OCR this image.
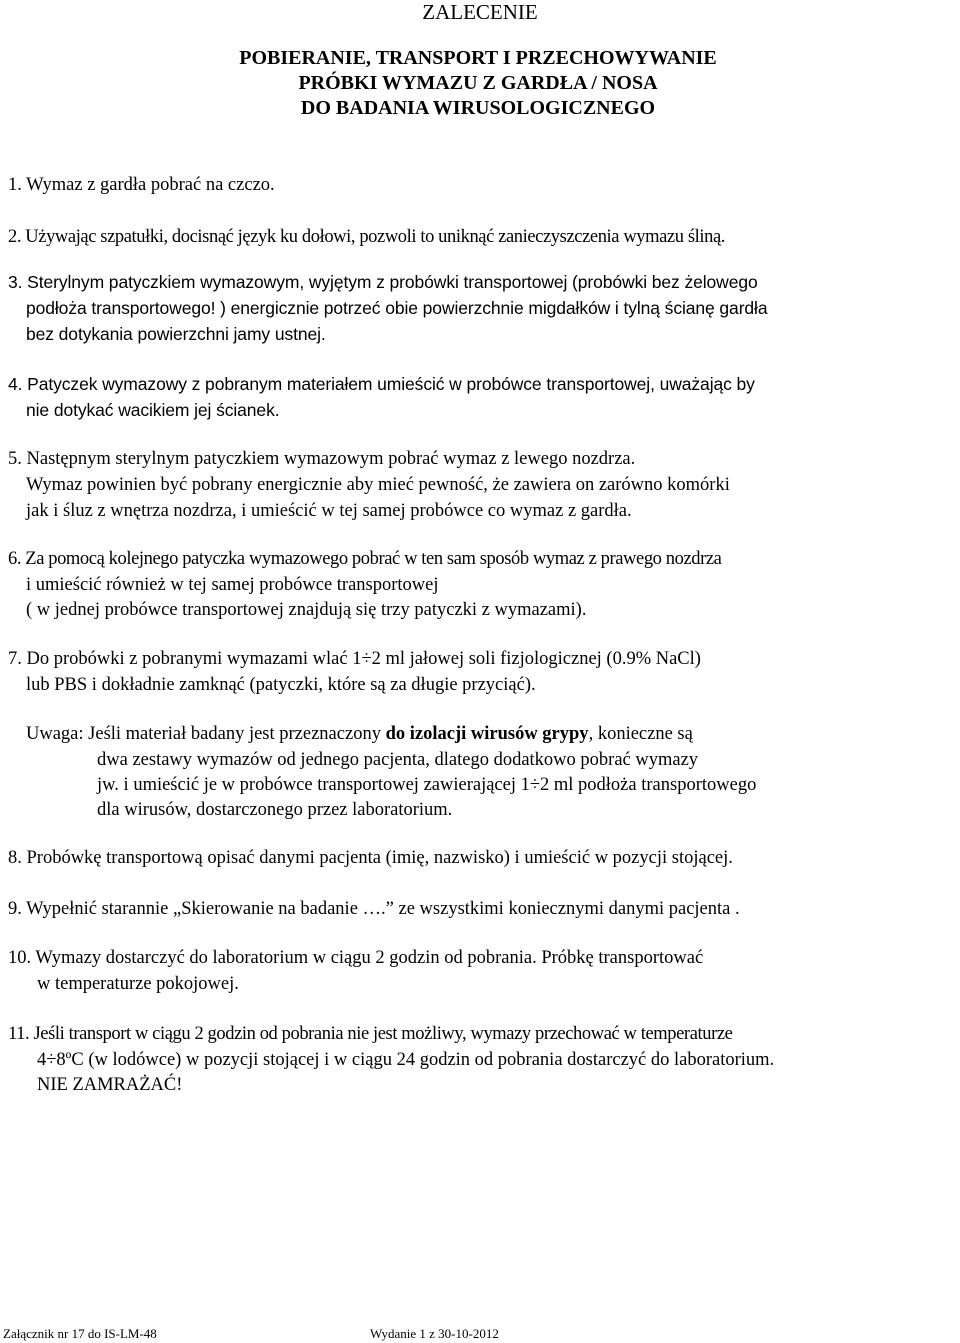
ZALECENIE
POBIERANIE, TRANSPORT I PRZECHOWYWANIE
PRÓBKI WYMAZU Z GARDŁA / NOSA
DO BADANIA WIRUSOLOGICZNEGO
1. Wymaz z gardła pobrać na czczo.
2. Używając szpatułki, docisnąć język ku dołowi, pozwoli to uniknąć zanieczyszczenia wymazu śliną.
3. Sterylnym patyczkiem wymazowym, wyjętym z probówki transportowej (probówki bez żelowego
podłoża transportowego! ) energicznie potrzeć obie powierzchnie migdałków i tylną ścianę gardła
bez dotykania powierzchni jamy ustnej.
4. Patyczek wymazowy z pobranym materiałem umieścić w probówce transportowej, uważając by
nie dotykać wacikiem jej ścianek.
5. Następnym sterylnym patyczkiem wymazowym pobrać wymaz z lewego nozdrza.
Wymaz powinien być pobrany energicznie aby mieć pewność, że zawiera on zarówno komórki
jak i śluz z wnętrza nozdrza, i umieścić w tej samej probówce co wymaz z gardła.
6. Za pomocą kolejnego patyczka wymazowego pobrać w ten sam sposób wymaz z prawego nozdrza
i umieścić również w tej samej probówce transportowej
( w jednej probówce transportowej znajdują się trzy patyczki z wymazami).
7. Do probówki z pobranymi wymazami wlać 1÷2 ml jałowej soli fizjologicznej (0.9% NaCl)
lub PBS i dokładnie zamknąć (patyczki, które są za długie przyciąć).
Uwaga: Jeśli materiał badany jest przeznaczony do izolacji wirusów grypy, konieczne są
dwa zestawy wymazów od jednego pacjenta, dlatego dodatkowo pobrać wymazy
jw. i umieścić je w probówce transportowej zawierającej 1÷2 ml podłoża transportowego
dla wirusów, dostarczonego przez laboratorium.
8. Probówkę transportową opisać danymi pacjenta (imię, nazwisko) i umieścić w pozycji stojącej.
9. Wypełnić starannie „Skierowanie na badanie ….” ze wszystkimi koniecznymi danymi pacjenta .
10. Wymazy dostarczyć do laboratorium w ciągu 2 godzin od pobrania. Próbkę transportować
w temperaturze pokojowej.
11. Jeśli transport w ciągu 2 godzin od pobrania nie jest możliwy, wymazy przechować w temperaturze
4÷8ºC (w lodówce) w pozycji stojącej i w ciągu 24 godzin od pobrania dostarczyć do laboratorium.
NIE ZAMRAŻAĆ!
Załącznik nr 17 do IS-LM-48	Wydanie 1 z 30-10-2012
